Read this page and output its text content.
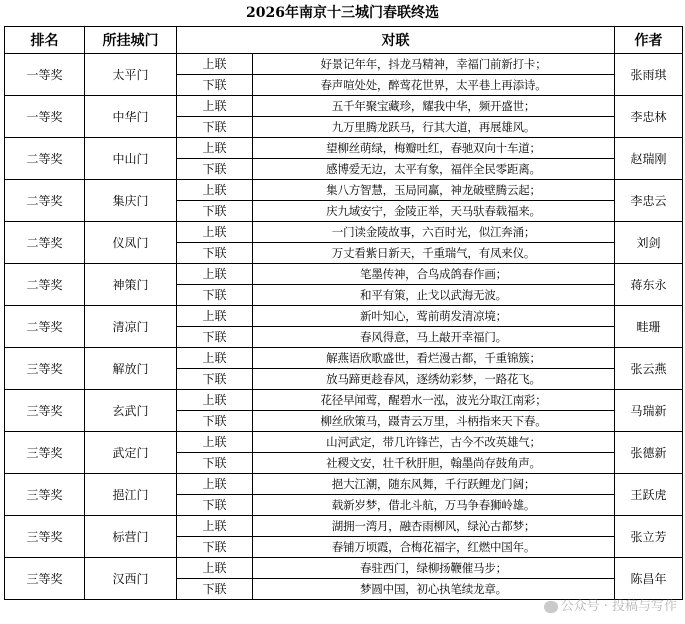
2026年南京十三城门春联终选
排名	所挂城门	对联		作者
一等奖	太平门	上联	好景记年年，抖龙马精神，幸福门前新打卡；	张雨琪
		下联	春声喧处处，醉莺花世界，太平巷上再添诗。	
一等奖	中华门	上联	五千年聚宝藏珍，耀我中华，频开盛世；	李忠林
		下联	九万里腾龙跃马，行其大道，再展雄风。	
二等奖	中山门	上联	望柳丝萌绿，梅瓣吐红，春驰双向十车道；	赵瑞刚
		下联	感博爱无边，太平有象，福伴全民零距离。	
二等奖	集庆门	上联	集八方智慧，玉局同赢，神龙破壁腾云起；	李忠云
		下联	庆九域安宁，金陵正举，天马驮春载福来。	
二等奖	仪凤门	上联	一门读金陵故事，六百时光，似江奔涌；	刘剑
		下联	万丈看紫日新天，千重瑞气，有凤来仪。	
二等奖	神策门	上联	笔墨传神，合鸟成鸽春作画；	蒋东永
		下联	和平有策，止戈以武海无波。	
二等奖	清凉门	上联	新叶知心，莺前萌发清凉境；	畦珊
		下联	春风得意，马上敲开幸福门。	
三等奖	解放门	上联	解燕语欣歌盛世，看烂漫古都，千重锦簇；	张云燕
		下联	放马蹄更趁春风，逐绣幼彩梦，一路花飞。	
三等奖	玄武门	上联	花径早闻莺，醒碧水一泓，波光分取江南彩；	马瑞新
		下联	柳丝欣策马，蹑青云万里，斗柄指来天下春。	
三等奖	武定门	上联	山河武定，带几许锋芒，古今不改英雄气；	张德新
		下联	社稷文安，壮千秋肝胆，翰墨尚存鼓角声。	
三等奖	挹江门	上联	挹大江潮，随东风舞，千行跃鲤龙门阔；	王跃虎
		下联	载新岁梦，借北斗航，万马争春狮岭雄。	
三等奖	标营门	上联	湖拥一湾月，融杏雨柳风，绿沁古都梦；	张立芳
		下联	春铺万顷霞，合梅花福字，红燃中国年。	
三等奖	汉西门	上联	春驻西门，绿柳扬鞭催马步；	陈昌年
		下联	梦圆中国，初心执笔续龙章。	
公众号 · 投稿与写作
